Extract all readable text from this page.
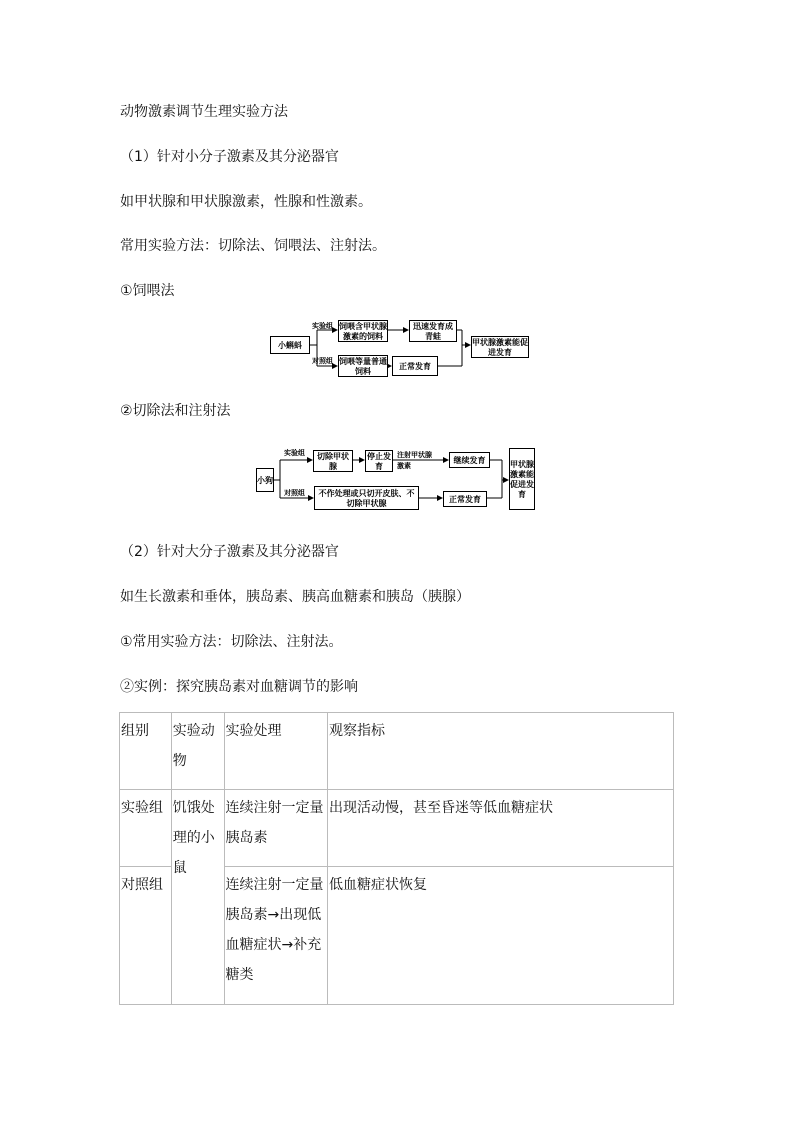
动物激素调节生理实验方法
（1）针对小分子激素及其分泌器官
如甲状腺和甲状腺激素，性腺和性激素。
常用实验方法：切除法、饲喂法、注射法。
①饲喂法
小蝌蚪
实验组
对照组
饲喂含甲状腺激素的饲料
迅速发育成青蛙
饲喂等量普通饲料	正常发育
甲状腺激素能促进发育
②切除法和注射法
小狗
实验组
对照组
切除甲状腺
停止发育
注射甲状腺激素
继续发育
不作处理或只切开皮肤、不切除甲状腺	正常发育
甲状腺激素能促进发育
（2）针对大分子激素及其分泌器官
如生长激素和垂体，胰岛素、胰高血糖素和胰岛（胰腺）
①常用实验方法：切除法、注射法。
②实例：探究胰岛素对血糖调节的影响
组别	实验动物	实验处理	观察指标
实验组	饥饿处理的小鼠	连续注射一定量胰岛素	出现活动慢，甚至昏迷等低血糖症状
对照组		连续注射一定量胰岛素→出现低血糖症状→补充糖类	低血糖症状恢复
